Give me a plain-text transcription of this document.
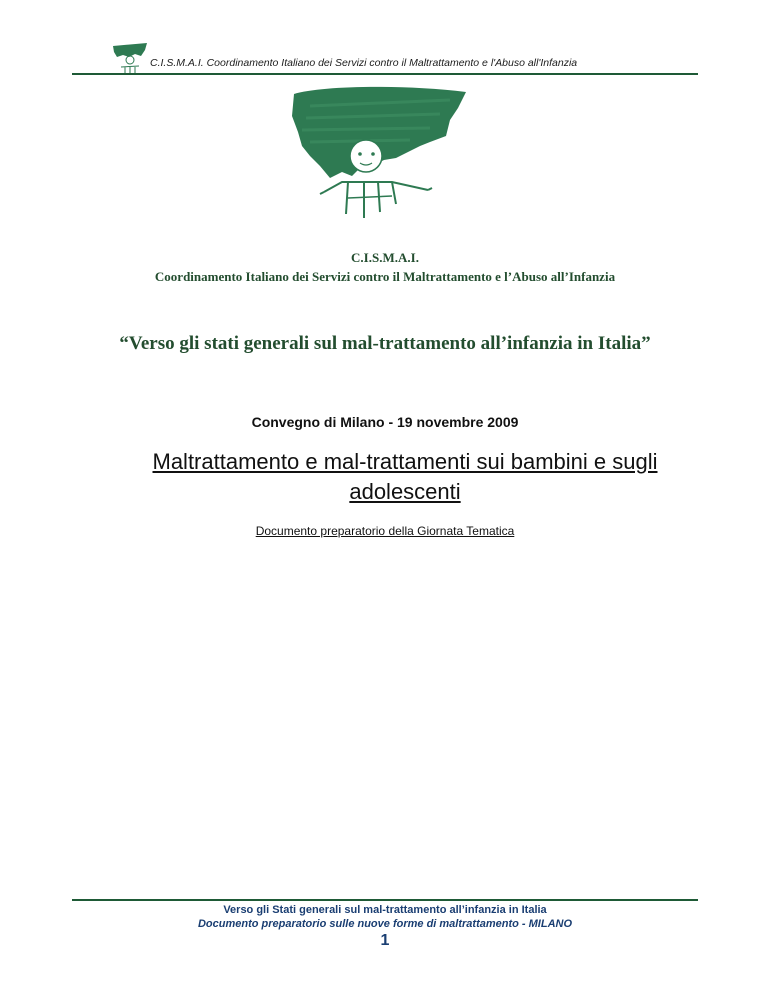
C.I.S.M.A.I. Coordinamento Italiano dei Servizi contro il Maltrattamento e l'Abuso all'Infanzia
C.I.S.M.A.I.
Coordinamento Italiano dei Servizi contro il Maltrattamento e l’Abuso all’Infanzia
“Verso gli stati generali sul mal-trattamento all’infanzia in Italia”
Convegno di Milano - 19 novembre 2009
Maltrattamento e mal-trattamenti sui bambini e sugli adolescenti
Documento preparatorio della Giornata Tematica
Verso gli Stati generali sul mal-trattamento all’infanzia in Italia
Documento preparatorio sulle nuove forme di maltrattamento - MILANO
1
